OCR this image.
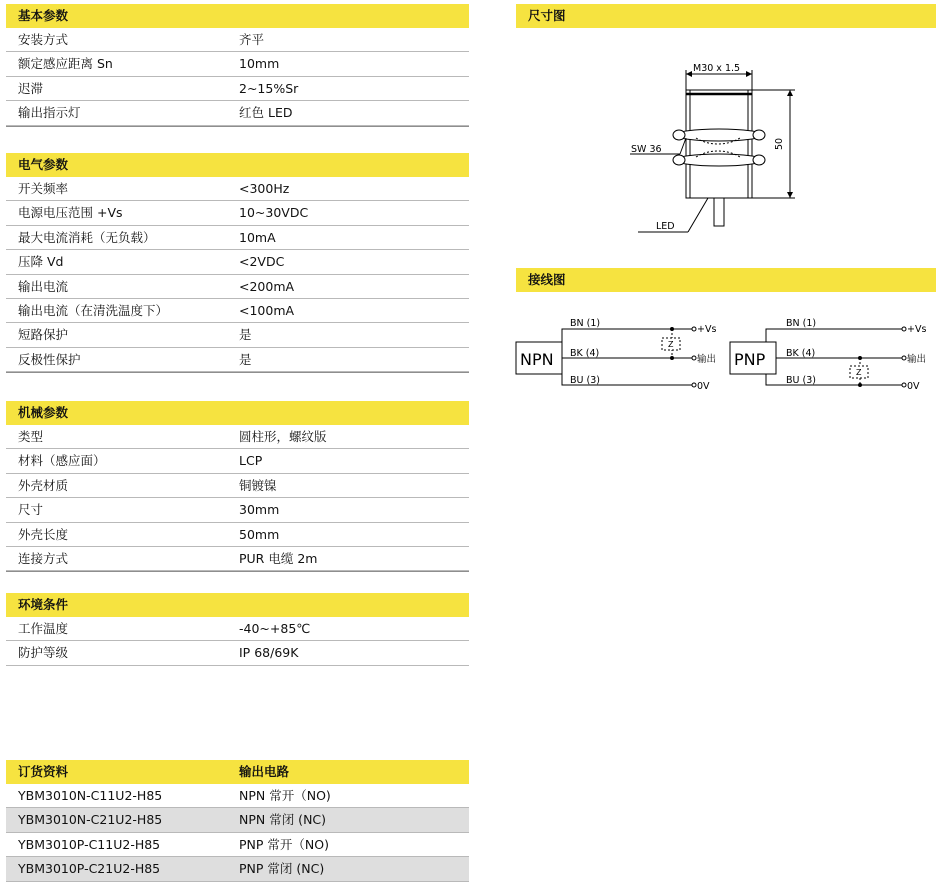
基本参数
安装方式	齐平
额定感应距离 Sn	10mm
迟滞	2~15%Sr
输出指示灯	红色 LED
电气参数
开关频率	<300Hz
电源电压范围 +Vs	10~30VDC
最大电流消耗（无负载）	10mA
压降 Vd	<2VDC
输出电流	<200mA
输出电流（在清洗温度下）	<100mA
短路保护	是
反极性保护	是
机械参数
类型	圆柱形，螺纹版
材料（感应面）	LCP
外壳材质	铜镀镍
尺寸	30mm
外壳长度	50mm
连接方式	PUR 电缆 2m
环境条件
工作温度	-40~+85℃
防护等级	IP 68/69K
订货资料	输出电路
YBM3010N-C11U2-H85	NPN 常开（NO)
YBM3010N-C21U2-H85	NPN 常闭 (NC)
YBM3010P-C11U2-H85	PNP 常开（NO)
YBM3010P-C21U2-H85	PNP 常闭 (NC)
尺寸图
M30 x 1.5
SW 36	50
LED
接线图
NPN
BN (1)
BK (4)
BU (3)
Z
+Vs
输出
0V
PNP
BN (1)
BK (4)
BU (3)
Z
+Vs
输出
0V
